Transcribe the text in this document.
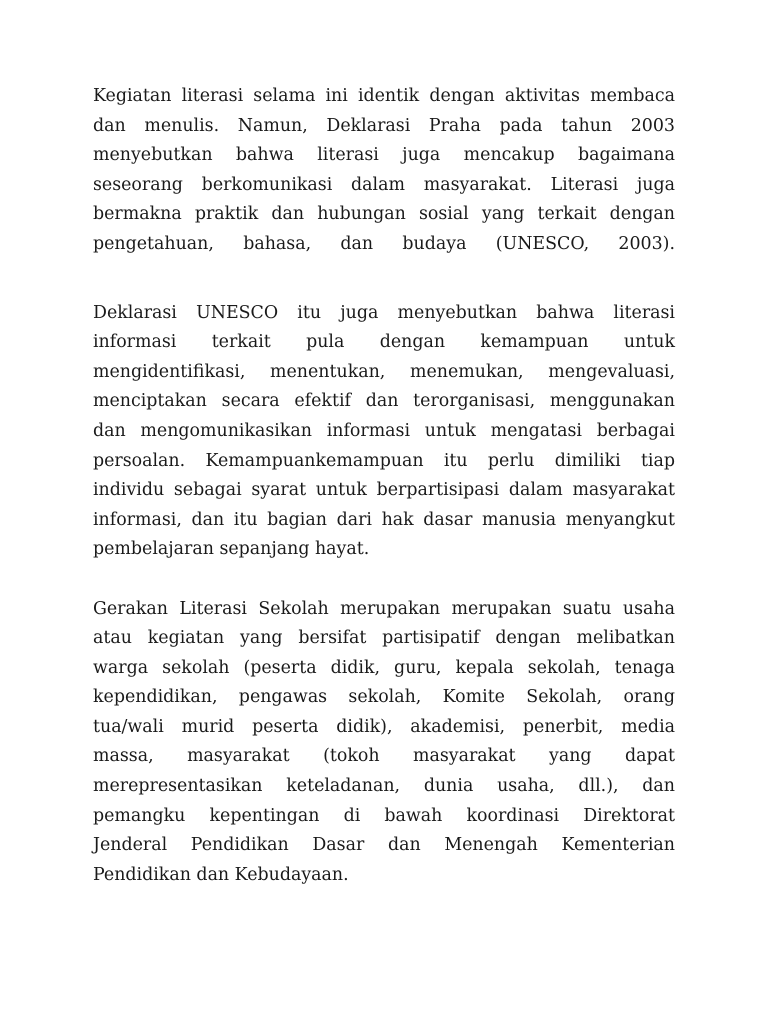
Kegiatan literasi selama ini identik dengan aktivitas membaca
dan menulis. Namun, Deklarasi Praha pada tahun 2003
menyebutkan bahwa literasi juga mencakup bagaimana
seseorang berkomunikasi dalam masyarakat. Literasi juga
bermakna praktik dan hubungan sosial yang terkait dengan
pengetahuan, bahasa, dan budaya (UNESCO, 2003).

Deklarasi UNESCO itu juga menyebutkan bahwa literasi
informasi terkait pula dengan kemampuan untuk
mengidentifikasi, menentukan, menemukan, mengevaluasi,
menciptakan secara efektif dan terorganisasi, menggunakan
dan mengomunikasikan informasi untuk mengatasi berbagai
persoalan. Kemampuankemampuan itu perlu dimiliki tiap
individu sebagai syarat untuk berpartisipasi dalam masyarakat
informasi, dan itu bagian dari hak dasar manusia menyangkut
pembelajaran sepanjang hayat.

Gerakan Literasi Sekolah merupakan merupakan suatu usaha
atau kegiatan yang bersifat partisipatif dengan melibatkan
warga sekolah (peserta didik, guru, kepala sekolah, tenaga
kependidikan, pengawas sekolah, Komite Sekolah, orang
tua/wali murid peserta didik), akademisi, penerbit, media
massa, masyarakat (tokoh masyarakat yang dapat
merepresentasikan keteladanan, dunia usaha, dll.), dan
pemangku kepentingan di bawah koordinasi Direktorat
Jenderal Pendidikan Dasar dan Menengah Kementerian
Pendidikan dan Kebudayaan.
